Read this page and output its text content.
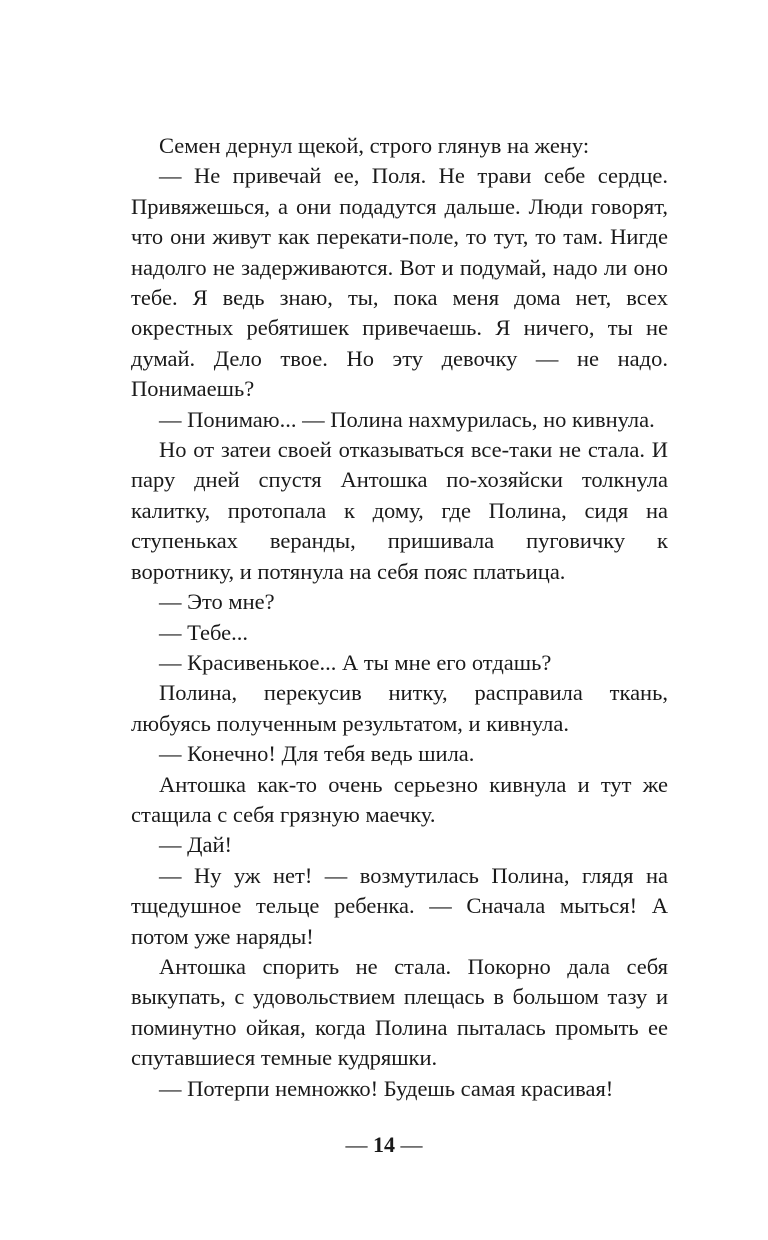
Семен дернул щекой, строго глянув на жену:

— Не привечай ее, Поля. Не трави себе сердце. Привяжешься, а они подадутся дальше. Люди говорят, что они живут как перекати-поле, то тут, то там. Нигде надолго не задерживаются. Вот и подумай, надо ли оно тебе. Я ведь знаю, ты, пока меня дома нет, всех окрестных ребятишек привечаешь. Я ничего, ты не думай. Дело твое. Но эту девочку — не надо. Понимаешь?

— Понимаю... — Полина нахмурилась, но кивнула.

Но от затеи своей отказываться все-таки не стала. И пару дней спустя Антошка по-хозяйски толкнула калитку, протопала к дому, где Полина, сидя на ступеньках веранды, пришивала пуговичку к воротнику, и потянула на себя пояс платьица.

— Это мне?

— Тебе...

— Красивенькое... А ты мне его отдашь?

Полина, перекусив нитку, расправила ткань, любуясь полученным результатом, и кивнула.

— Конечно! Для тебя ведь шила.

Антошка как-то очень серьезно кивнула и тут же стащила с себя грязную маечку.

— Дай!

— Ну уж нет! — возмутилась Полина, глядя на тщедушное тельце ребенка. — Сначала мыться! А потом уже наряды!

Антошка спорить не стала. Покорно дала себя выкупать, с удовольствием плещась в большом тазу и поминутно ойкая, когда Полина пыталась промыть ее спутавшиеся темные кудряшки.

— Потерпи немножко! Будешь самая красивая!

— 14 —
